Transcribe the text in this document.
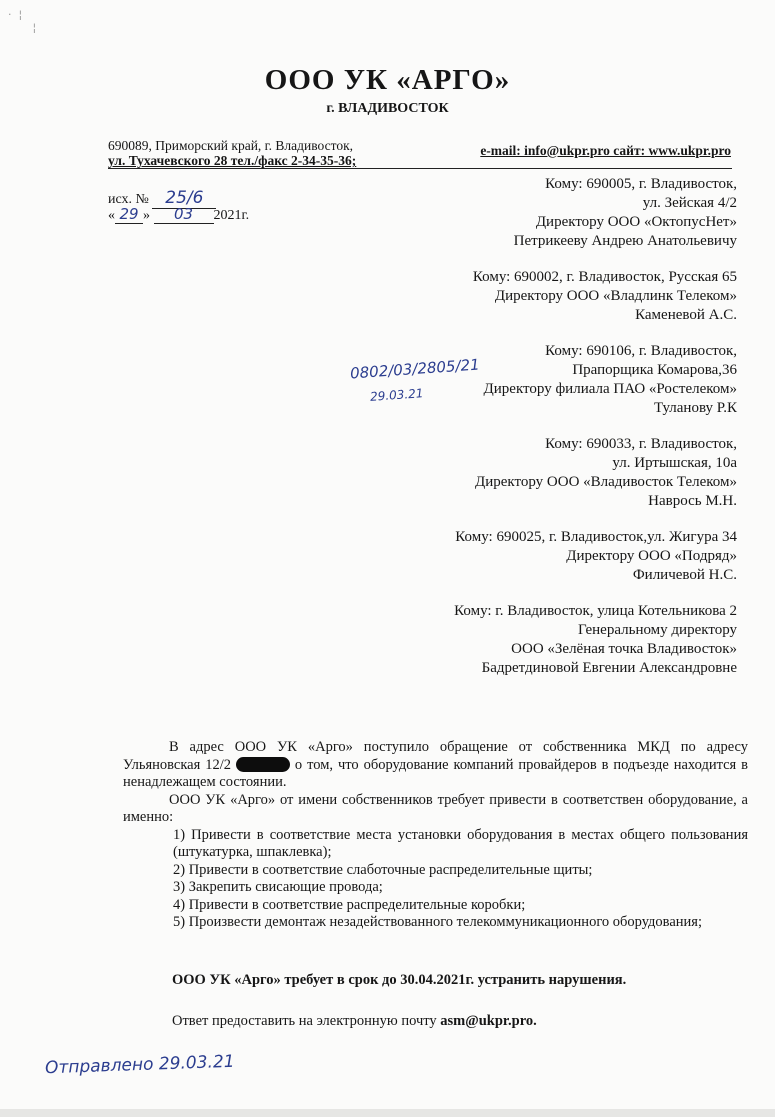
·  ¦
¦
ООО УК «АРГО»
г. ВЛАДИВОСТОК
690089, Приморский край, г. Владивосток,
ул. Тухачевского 28 тел./факс 2-34-35-36;
e-mail: info@ukpr.pro сайт: www.ukpr.pro
исх. № 25/6
« 29 » 03 2021г.
Кому: 690005, г. Владивосток,
ул. Зейская 4/2
Директору ООО «ОктопусНет»
Петрикееву Андрею Анатольевичу
Кому: 690002, г. Владивосток, Русская 65
Директору ООО «Владлинк Телеком»
Каменевой А.С.
Кому: 690106, г. Владивосток,
Прапорщика Комарова,36
Директору филиала ПАО «Ростелеком»
Туланову Р.К
Кому: 690033, г. Владивосток,
ул. Иртышская, 10а
Директору ООО «Владивосток Телеком»
Наврось М.Н.
Кому: 690025, г. Владивосток,ул. Жигура 34
Директору ООО «Подряд»
Филичевой Н.С.
Кому: г. Владивосток, улица Котельникова 2
Генеральному директору
ООО «Зелёная точка Владивосток»
Бадретдиновой Евгении Александровне
0802/03/2805/21
29.03.21

В адрес ООО УК «Арго» поступило обращение от собственника МКД по адресу Ульяновская 12/2	о том, что оборудование компаний провайдеров в подъезде находится в ненадлежащем состоянии.

ООО УК «Арго» от имени собственников требует привести в соответствен оборудование, а именно:

1) Привести в соответствие места установки оборудования в местах общего пользования (штукатурка, шпаклевка);

2) Привести в соответствие слаботочные распределительные щиты;

3) Закрепить свисающие провода;

4) Привести в соответствие распределительные коробки;

5) Произвести демонтаж незадействованного телекоммуникационного оборудования;

ООО УК «Арго» требует в срок до 30.04.2021г. устранить нарушения.
Ответ предоставить на электронную почту asm@ukpr.pro.
Отправлено 29.03.21
